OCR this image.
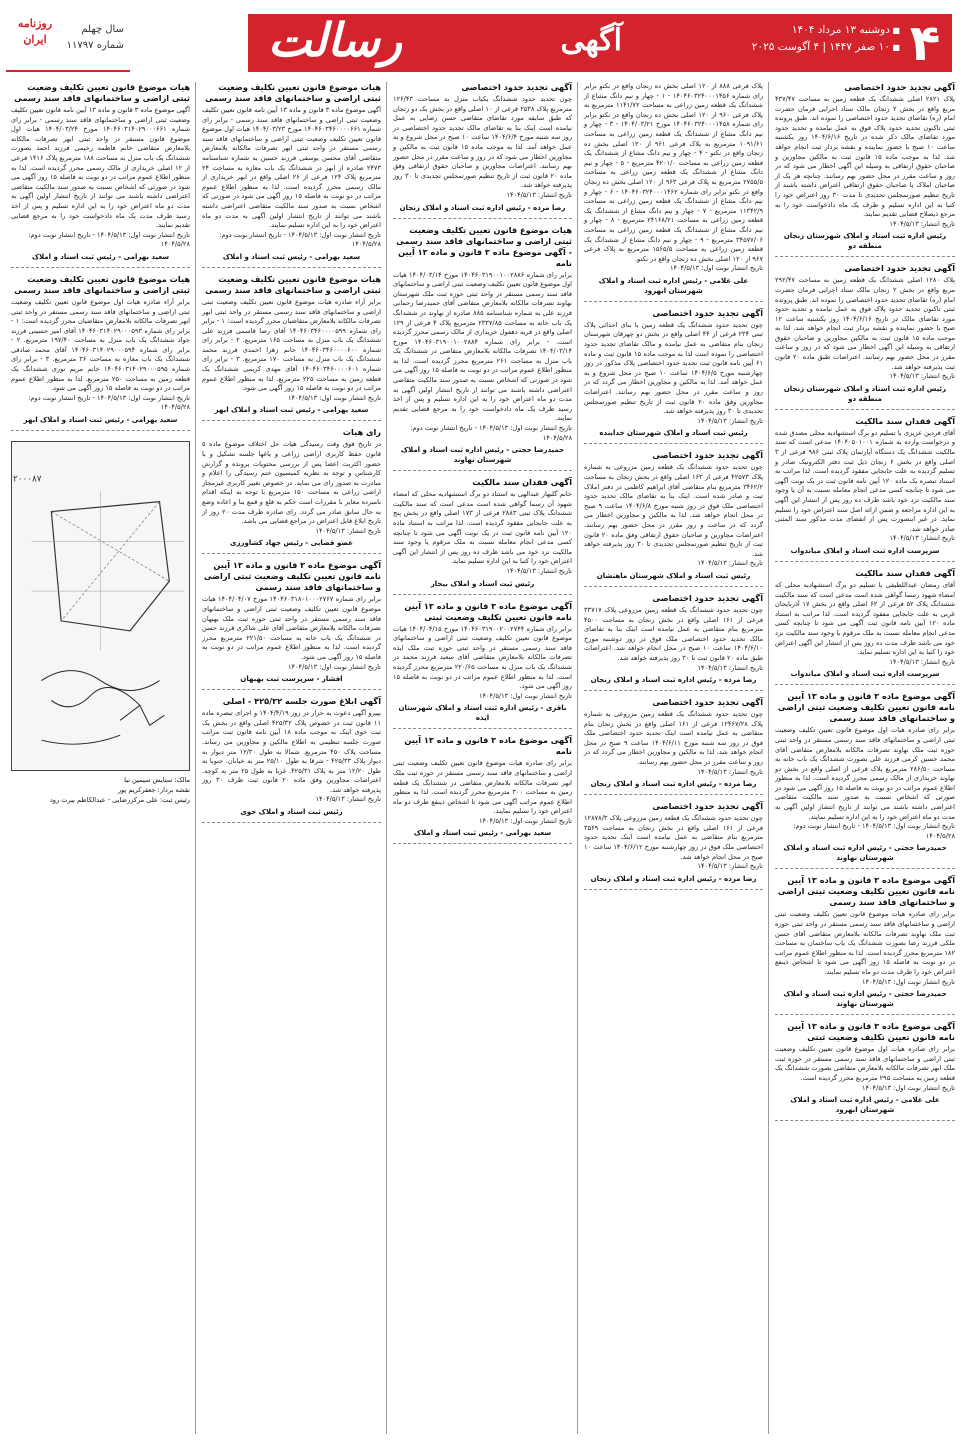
۴
■ دوشنبه ۱۳ مرداد ۱۴۰۴
■ ۱۰ صفر ۱۴۴۷ | ۴ آگوست ۲۰۲۵
آگهی
رسالت
روزنامه
ایران
سال چهلم
شماره ۱۱۷۹۷
آگهی تجدید حدود اختصاصی

پلاک ۲۸۲۱ اصلی ششدانگ یک قطعه زمین به مساحت ۴۳۷/۴۷ مربع واقع در بخش ۲ زنجان مالک ستاد اجرایی فرمان حضرت امام (ره) تقاضای تجدید حدود اختصاصی را نموده اند. طبق پرونده ثبتی تاکنون تحدید حدود پلاک فوق به عمل نیامده و تحدید حدود مورد تقاضای مالک ذکر شده در تاریخ ۱۴۰۴/۶/۱۶ روز یکشنبه ساعت ۱۰ صبح با حضور نماینده و نقشه بردار ثبت انجام خواهد شد. لذا به موجب ماده ۱۵ قانون ثبت به مالکین مجاورین و صاحبان حقوق ارتفاقی به وسیله این آگهی اخطار می شود که در روز و ساعت مقرر در محل حضور بهم رسانند. چنانچه هر یک از صاحبان املاک یا صاحبان حقوق ارتفاقی اعتراض داشته باشند از تاریخ تنظیم صورتمجلس تحدیدی تا مدت ۳۰ روز اعتراض خود را کتبا به این اداره تسلیم و ظرف یک ماه دادخواست خود را به مرجع ذیصلاح قضایی تقدیم نمایند.

تاریخ انتشار: ۱۴۰۴/۵/۱۳
رئیس اداره ثبت اسناد و املاک شهرستان زنجان منطقه دو
آگهی تجدید حدود اختصاصی

پلاک ۱۲۸۰ اصلی ششدانگ یک قطعه زمین به مساحت ۲۹۲/۴۷ مربع واقع در بخش ۲ زنجان مالک ستاد اجرایی فرمان حضرت امام (ره) تقاضای تجدید حدود اختصاصی را نموده اند. طبق پرونده ثبتی تاکنون تحدید حدود پلاک فوق به عمل نیامده و تحدید حدود مورد تقاضای مالک در تاریخ ۱۴۰۴/۶/۱۶ روز یکشنبه ساعت ۱۲ صبح با حضور نماینده و نقشه بردار ثبت انجام خواهد شد. لذا به موجب ماده ۱۵ قانون ثبت به مالکین مجاورین و صاحبان حقوق ارتفاقی به وسیله این آگهی اخطار می شود که در روز و ساعت مقرر در محل حضور بهم رسانند. اعتراضات طبق ماده ۲۰ قانون ثبت پذیرفته خواهد شد.

تاریخ انتشار: ۱۴۰۴/۵/۱۳
رئیس اداره ثبت اسناد و املاک شهرستان زنجان منطقه دو
آگهی فقدان سند مالکیت

آقای فردین عزیزی با تسلیم دو برگ استشهادیه محلی مصدق شده و درخواست وارده به شماره ۱۴۰۴۰۵۰۱۰۰۱ مدعی است که سند مالکیت ششدانگ یک دستگاه آپارتمان پلاک ثبتی ۹۸۶ فرعی از ۳ اصلی واقع در بخش ۶ زنجان ذیل ثبت دفتر الکترونیک صادر و تسلیم گردیده به علت جابجایی مفقود گردیده است. لذا مراتب به استناد تبصره یک ماده ۱۲۰ آیین نامه قانون ثبت در یک نوبت آگهی می شود تا چنانچه کسی مدعی انجام معامله نسبت به آن یا وجود سند مالکیت نزد خود باشد ظرف ده روز پس از انتشار این آگهی به این اداره مراجعه و ضمن ارائه اصل سند اعتراض خود را تسلیم نماید. در غیر اینصورت پس از انقضای مدت مذکور سند المثنی صادر خواهد شد.

تاریخ انتشار: ۱۴۰۴/۵/۱۳
سرپرست اداره ثبت اسناد و املاک میاندواب
آگهی فقدان سند مالکیت

آقای رمضان عبداللطیفی با تسلیم دو برگ استشهادیه محلی که امضاء شهود رسما گواهی شده است مدعی است که سند مالکیت ششدانگ پلاک ۵۲ فرعی از ۶۲ اصلی واقع در بخش ۱۷ آذربایجان غربی به علت جابجایی مفقود گردیده است. لذا مراتب به استناد ماده ۱۲۰ آیین نامه قانون ثبت آگهی می شود تا چنانچه کسی مدعی انجام معامله نسبت به ملک مرقوم یا وجود سند مالکیت نزد خود می باشد ظرف مدت ده روز پس از انتشار این آگهی اعتراض خود را کتبا به این اداره تسلیم نماید.

تاریخ انتشار: ۱۴۰۴/۵/۱۳
سرپرست اداره ثبت اسناد و املاک میاندواب
آگهی موضوع ماده ۳ قانون و ماده ۱۳ آیین نامه قانون تعیین تکلیف وضعیت ثبتی اراضی و ساختمانهای فاقد سند رسمی

برابر رای صادره هیات اول موضوع قانون تعیین تکلیف وضعیت ثبتی اراضی و ساختمانهای فاقد سند رسمی مستقر در واحد ثبتی حوزه ثبت ملک نهاوند تصرفات مالکانه بلامعارض متقاضی آقای محمد حسین کرمی فرزند علی بصورت ششدانگ یک باب خانه به مساحت ۲۸۶/۵۰ مترمربع پلاک فرعی از اصلی واقع در بخش دو نهاوند خریداری از مالک رسمی محرز گردیده است. لذا به منظور اطلاع عموم مراتب در دو نوبت به فاصله ۱۵ روز آگهی می شود در صورتی که اشخاص نسبت به صدور سند مالکیت متقاضی اعتراضی داشته باشند می توانند از تاریخ انتشار اولین آگهی به مدت دو ماه اعتراض خود را به این اداره تسلیم نمایند.

تاریخ انتشار نوبت اول: ۱۴۰۴/۵/۱۳ - تاریخ انتشار نوبت دوم: ۱۴۰۴/۵/۲۸
حمیدرضا حجتی - رئیس اداره ثبت اسناد و املاک شهرستان نهاوند
آگهی موضوع ماده ۳ قانون و ماده ۱۳ آیین نامه قانون تعیین تکلیف وضعیت ثبتی اراضی و ساختمانهای فاقد سند رسمی

برابر رای صادره هیات موضوع قانون تعیین تکلیف وضعیت ثبتی اراضی و ساختمانهای فاقد سند رسمی مستقر در واحد ثبتی حوزه ثبت ملک نهاوند تصرفات مالکانه بلامعارض متقاضی آقای حسن ملکی فرزند رضا بصورت ششدانگ یک باب ساختمان به مساحت ۱۸۲ مترمربع محرز گردیده است. لذا به منظور اطلاع عموم مراتب در دو نوبت به فاصله ۱۵ روز آگهی می شود تا اشخاص ذینفع اعتراض خود را ظرف مدت دو ماه تسلیم نمایند.

تاریخ انتشار نوبت اول: ۱۴۰۴/۵/۱۳
حمیدرضا حجتی - رئیس اداره ثبت اسناد و املاک شهرستان نهاوند
آگهی موضوع ماده ۳ قانون و ماده ۱۳ آیین نامه قانون تعیین تکلیف وضعیت ثبتی

برابر رای صادره هیات اول موضوع قانون تعیین تکلیف وضعیت ثبتی اراضی و ساختمانهای فاقد سند رسمی مستقر در حوزه ثبت ملک ابهر تصرفات مالکانه بلامعارض متقاضی بصورت ششدانگ یک قطعه زمین به مساحت ۲۹۵ مترمربع محرز گردیده است.

تاریخ انتشار نوبت اول: ۱۴۰۴/۵/۱۳
علی غلامی - رئیس اداره ثبت اسناد و املاک شهرستان ابهرود

پلاک فرعی ۸۸۸ از ۱۲۰ اصلی بخش ده زنجان واقع در نکتو برابر رای شماره ۱۴۰۴۶۰۳۲۴۰۰۰۱۴۵۶ - ۱ - چهار و نیم دانگ مشاع از ششدانگ یک قطعه زمین زراعی به مساحت ۱۱۴۱/۷۲ مترمربع به پلاک فرعی ۹۶۰ از ۱۲۰ اصلی بخش ده زنجان واقع در نکتو برابر رای شماره ۱۴۰۴۶۰۳۲۴۰۰۰۱۴۵۸ مورخ ۱۴۰۴/۰۳/۲۱ - ۳ - چهار و نیم دانگ مشاع از ششدانگ یک قطعه زمین زراعی به مساحت ۱۰۹۱/۶۱ مترمربع به پلاک فرعی ۹۶۱ از ۱۲۰ اصلی بخش ده زنجان واقع در نکتو - ۴ - چهار و نیم دانگ مشاع از ششدانگ یک قطعه زمین زراعی به مساحت ۴۲۰۱/۰ مترمربع - ۵ - چهار و نیم دانگ مشاع از ششدانگ یک قطعه زمین زراعی به مساحت ۲۷۵۵/۵ مترمربع به پلاک فرعی ۹۶۳ از ۱۲۰ اصلی بخش ده زنجان واقع در نکتو برابر رای شماره ۱۴۰۴۶۰۳۲۴۰۰۰۱۴۶۲ - ۶ - چهار و نیم دانگ مشاع از ششدانگ یک قطعه زمین زراعی به مساحت ۱۱۳۴۲/۹ مترمربع - ۷ - چهار و نیم دانگ مشاع از ششدانگ یک قطعه زمین زراعی به مساحت ۲۴۱۶۸/۲۱ مترمربع - ۸ - چهار و نیم دانگ مشاع از ششدانگ یک قطعه زمین زراعی به مساحت ۳۴۵۷۷/۰۶ مترمربع - ۹ - چهار و نیم دانگ مشاع از ششدانگ یک قطعه زمین زراعی به مساحت ۱۵۶۵/۵ مترمربع به پلاک فرعی ۹۶۷ از ۱۲۰ اصلی بخش ده زنجان واقع در نکتو.

تاریخ انتشار نوبت اول: ۱۴۰۴/۵/۱۳
علی غلامی - رئیس اداره ثبت اسناد و املاک شهرستان ابهرود
آگهی تجدید حدود اختصاصی

چون تحدید حدود ششدانگ یک قطعه زمین با بنای احداثی پلاک ثبتی ۲۳۴ فرعی از ۴۴ اصلی واقع در بخش دو چهرقان شهرستان زنجان بنام متقاضی به عمل نیامده و مالک تقاضای تجدید حدود اختصاصی را نموده است لذا به موجب ماده ۱۵ قانون ثبت و ماده ۶۱ آیین نامه قانون ثبت تحدید حدود اختصاصی پلاک مذکور در روز چهارشنبه مورخ ۱۴۰۴/۶/۵ ساعت ۱۰ صبح در محل شروع و به عمل خواهد آمد. لذا به مالکین و مجاورین اخطار می گردد که در روز و ساعت مقرر در محل حضور بهم رسانند. اعتراضات مجاورین وفق ماده ۲۰ قانون ثبت از تاریخ تنظیم صورتمجلس تحدیدی تا ۳۰ روز پذیرفته خواهد شد.

تاریخ انتشار: ۱۴۰۴/۵/۱۳
رئیس ثبت اسناد و املاک شهرستان خدابنده
آگهی تجدید حدود اختصاصی

چون تحدید حدود ششدانگ یک قطعه زمین مزروعی به شماره پلاک ۴۲۵۷۳ فرعی از ۱۶۳ اصلی واقع در بخش زنجان به مساحت ۳۴۶۲/۲ مترمربع بنام متقاضی آقای ابراهیم کاظمی در دفتر املاک ثبت و صادر شده است. اینک بنا به تقاضای مالک تحدید حدود اختصاصی ملک فوق در روز شنبه مورخ ۱۴۰۴/۶/۸ ساعت ۹ صبح در محل انجام خواهد شد. لذا به مالکین و مجاورین اخطار می گردد که در ساعت و روز مقرر در محل حضور بهم رسانند. اعتراضات مجاورین و صاحبان حقوق ارتفاقی وفق ماده ۲۰ قانون ثبت از تاریخ تنظیم صورتمجلس تحدیدی تا ۳۰ روز پذیرفته خواهد شد.

تاریخ انتشار: ۱۴۰۴/۵/۱۳
رئیس ثبت اسناد و املاک شهرستان ماهنشان
آگهی تجدید حدود اختصاصی

چون تحدید حدود ششدانگ یک قطعه زمین مزروعی پلاک ۳۳۷۱۷ فرعی از ۱۶۱ اصلی واقع در بخش زنجان به مساحت ۴۵۰۰ مترمربع بنام متقاضی به عمل نیامده است اینک بنا به تقاضای مالک تحدید حدود اختصاصی ملک فوق در روز دوشنبه مورخ ۱۴۰۴/۶/۱۰ ساعت ۱۰ صبح در محل انجام خواهد شد. اعتراضات طبق ماده ۲۰ قانون ثبت تا ۳۰ روز پذیرفته خواهد شد.

تاریخ انتشار: ۱۴۰۴/۵/۱۳
رضا مرده - رئیس اداره ثبت اسناد و املاک زنجان
آگهی تجدید حدود اختصاصی

چون تحدید حدود ششدانگ یک قطعه زمین مزروعی به شماره پلاک ۱۲۴۶۷/۲۸ فرعی از ۱۶۱ اصلی واقع در بخش زنجان بنام متقاضی به عمل نیامده است اینک تحدید حدود اختصاصی ملک فوق در روز سه شنبه مورخ ۱۴۰۴/۶/۱۱ ساعت ۹ صبح در محل انجام خواهد شد. لذا به مالکین و مجاورین اخطار می گردد که در روز و ساعت مقرر در محل حضور بهم رسانند.

تاریخ انتشار: ۱۴۰۴/۵/۱۳
رضا مرده - رئیس اداره ثبت اسناد و املاک زنجان
آگهی تجدید حدود اختصاصی

چون تحدید حدود ششدانگ یک قطعه زمین مزروعی پلاک ۱۲۸۷۸/۳ فرعی از ۱۶۱ اصلی واقع در بخش زنجان به مساحت ۳۵۶۹ مترمربع بنام متقاضی به عمل نیامده است اینک تحدید حدود اختصاصی ملک فوق در روز چهارشنبه مورخ ۱۴۰۴/۶/۱۲ ساعت ۱۰ صبح در محل انجام خواهد شد.

تاریخ انتشار: ۱۴۰۴/۵/۱۳
رضا مرده - رئیس اداره ثبت اسناد و املاک زنجان
آگهی تجدید حدود اختصاصی

چون تحدید حدود ششدانگ یکباب منزل به مساحت ۱۲۶/۴۳ مترمربع پلاک ۲۵۳۸ فرعی از ۱۰ اصلی واقع در بخش یک دو زنجان که طبق سابقه مورد تقاضای متقاضی حسن رضایی به عمل نیامده است اینک بنا به تقاضای مالک تجدید حدود اختصاصی در روز سه شنبه مورخ ۱۴۰۴/۶/۴ ساعت ۱۰ صبح در محل شروع و به عمل خواهد آمد. لذا به موجب ماده ۱۵ قانون ثبت به مالکین و مجاورین اخطار می شود که در روز و ساعت مقرر در محل حضور بهم رسانند. اعتراضات مجاورین و صاحبان حقوق ارتفاقی وفق ماده ۲۰ قانون ثبت از تاریخ تنظیم صورتمجلس تحدیدی تا ۳۰ روز پذیرفته خواهد شد.

تاریخ انتشار: ۱۴۰۴/۵/۱۳
رضا مرده - رئیس اداره ثبت اسناد و املاک زنجان
هیات موضوع قانون تعیین تکلیف وضعیت ثبتی اراضی و ساختمانهای فاقد سند رسمی - آگهی موضوع ماده ۳ قانون و ماده ۱۳ آیین نامه

برابر رای شماره ۱۴۰۴۶۰۳۱۹۰۰۱۰۰۲۸۸۶ مورخ ۱۴۰۴/۰۳/۱۴ هیات اول موضوع قانون تعیین تکلیف وضعیت ثبتی اراضی و ساختمانهای فاقد سند رسمی مستقر در واحد ثبتی حوزه ثبت ملک شهرستان نهاوند تصرفات مالکانه بلامعارض متقاضی آقای حمیدرضا رحمانی فرزند علی به شماره شناسنامه ۸۸۵ صادره از نهاوند در ششدانگ یک باب خانه به مساحت ۲۳۳۷/۸۵ مترمربع پلاک ۴ فرعی از ۱۲۹ اصلی واقع در قریه دهفول خریداری از مالک رسمی محرز گردیده است. - برابر رای شماره ۱۴۰۴۶۰۳۱۹۰۰۱۰۰۲۸۸۴ مورخ ۱۴۰۴/۰۳/۱۴ تصرفات مالکانه بلامعارض متقاضی در ششدانگ یک باب منزل به مساحت ۲۶۱ مترمربع محرز گردیده است. لذا به منظور اطلاع عموم مراتب در دو نوبت به فاصله ۱۵ روز آگهی می شود در صورتی که اشخاص نسبت به صدور سند مالکیت متقاضی اعتراضی داشته باشند می توانند از تاریخ انتشار اولین آگهی به مدت دو ماه اعتراض خود را به این اداره تسلیم و پس از اخذ رسید ظرف یک ماه دادخواست خود را به مرجع قضایی تقدیم نمایند.

تاریخ انتشار نوبت اول: ۱۴۰۴/۵/۱۳ - تاریخ انتشار نوبت دوم: ۱۴۰۴/۵/۲۸
حمیدرضا حجتی - رئیس اداره ثبت اسناد و املاک شهرستان نهاوند
آگهی فقدان سند مالکیت

خانم گلبهار عبدالهی به استناد دو برگ استشهادیه محلی که امضاء شهود آن رسما گواهی شده است مدعی است که سند مالکیت ششدانگ پلاک ثبتی ۲۸۸۳ فرعی از ۱۷۳ اصلی واقع در بخش پنج به علت جابجایی مفقود گردیده است. لذا مراتب به استناد ماده ۱۲۰ آیین نامه قانون ثبت در یک نوبت آگهی می شود تا چنانچه کسی مدعی انجام معامله نسبت به ملک مرقوم یا وجود سند مالکیت نزد خود می باشد ظرف ده روز پس از انتشار این آگهی اعتراض خود را کتبا به این اداره تسلیم نماید.

تاریخ انتشار: ۱۴۰۴/۵/۱۳
رئیس ثبت اسناد و املاک بیجار
آگهی موضوع ماده ۳ قانون و ماده ۱۳ آیین نامه قانون تعیین تکلیف وضعیت ثبتی

برابر رای شماره ۱۴۰۴۶۰۳۱۹۰۰۲۰۰۲۷۴۴ مورخ ۱۴۰۴/۰۴/۱۵ هیات موضوع قانون تعیین تکلیف وضعیت ثبتی اراضی و ساختمانهای فاقد سند رسمی مستقر در واحد ثبتی حوزه ثبت ملک ایذه تصرفات مالکانه بلامعارض متقاضی آقای سعید فرزند محمد در ششدانگ یک باب منزل به مساحت ۲۲۰/۶۵ مترمربع محرز گردیده است. لذا به منظور اطلاع عموم مراتب در دو نوبت به فاصله ۱۵ روز آگهی می شود.

تاریخ انتشار نوبت اول: ۱۴۰۴/۵/۱۳
باقری - رئیس اداره ثبت اسناد و املاک شهرستان ایذه
آگهی موضوع ماده ۳ قانون و ماده ۱۳ آیین نامه

برابر رای صادره هیات موضوع قانون تعیین تکلیف وضعیت ثبتی اراضی و ساختمانهای فاقد سند رسمی مستقر در حوزه ثبت ملک ابهر تصرفات مالکانه بلامعارض متقاضی در ششدانگ یک قطعه زمین به مساحت ۳۰۰ مترمربع محرز گردیده است. لذا به منظور اطلاع عموم مراتب آگهی می شود تا اشخاص ذینفع ظرف دو ماه اعتراض خود را تسلیم نمایند.

تاریخ انتشار نوبت اول: ۱۴۰۴/۵/۱۳
سعید بهرامی - رئیس ثبت اسناد و املاک
هیات موضوع قانون تعیین تکلیف وضعیت ثبتی اراضی و ساختمانهای فاقد سند رسمی

آگهی موضوع ماده ۳ قانون و ماده ۱۳ آیین نامه قانون تعیین تکلیف وضعیت ثبتی اراضی و ساختمانهای فاقد سند رسمی - برابر رای شماره ۱۴۰۴۶۰۳۴۶۰۰۰۰۶۶۱ مورخ ۱۴۰۴/۰۳/۲۳ هیات اول موضوع قانون تعیین تکلیف وضعیت ثبتی اراضی و ساختمانهای فاقد سند رسمی مستقر در واحد ثبتی ابهر تصرفات مالکانه بلامعارض متقاضی آقای محسن یوسفی فرزند حسین به شماره شناسنامه ۲۴۷۳ صادره از ابهر در ششدانگ یک باب مغازه به مساحت ۲۴ مترمربع پلاک ۱۲۴ فرعی از ۲۶ اصلی واقع در ابهر خریداری از مالک رسمی محرز گردیده است. لذا به منظور اطلاع عموم مراتب در دو نوبت به فاصله ۱۵ روز آگهی می شود در صورتی که اشخاص نسبت به صدور سند مالکیت متقاضی اعتراضی داشته باشند می توانند از تاریخ انتشار اولین آگهی به مدت دو ماه اعتراض خود را به این اداره تسلیم نمایند.

تاریخ انتشار نوبت اول: ۱۴۰۴/۵/۱۳ - تاریخ انتشار نوبت دوم: ۱۴۰۴/۵/۲۸
سعید بهرامی - رئیس ثبت اسناد و املاک
هیات موضوع قانون تعیین تکلیف وضعیت ثبتی اراضی و ساختمانهای فاقد سند رسمی

برابر آراء صادره هیات موضوع قانون تعیین تکلیف وضعیت ثبتی اراضی و ساختمانهای فاقد سند رسمی مستقر در واحد ثبتی ابهر تصرفات مالکانه بلامعارض متقاضیان محرز گردیده است: ۱ - برابر رای شماره ۱۴۰۴۶۰۳۴۶۰۰۰۰۵۹۹ آقای رضا قاسمی فرزند علی ششدانگ یک باب منزل به مساحت ۱۶۵ مترمربع. ۲ - برابر رای شماره ۱۴۰۴۶۰۳۴۶۰۰۰۰۶۰۰ خانم زهرا احمدی فرزند محمد ششدانگ یک باب منزل به مساحت ۱۷۰ مترمربع. ۳ - برابر رای شماره ۱۴۰۴۶۰۳۴۶۰۰۰۰۶۰۱ آقای مهدی کریمی ششدانگ یک قطعه زمین به مساحت ۲۲۵ مترمربع. لذا به منظور اطلاع عموم مراتب در دو نوبت به فاصله ۱۵ روز آگهی می شود.

تاریخ انتشار نوبت اول: ۱۴۰۴/۵/۱۳
سعید بهرامی - رئیس ثبت اسناد و املاک ابهر
رای هیات

در تاریخ فوق وقت رسیدگی هیات حل اختلاف موضوع ماده ۵ قانون حفظ کاربری اراضی زراعی و باغها جلسه تشکیل و با حضور اکثریت اعضا پس از بررسی محتویات پرونده و گزارش کارشناس و توجه به نظریه کمیسیون ختم رسیدگی را اعلام و مبادرت به صدور رای می نماید. در خصوص تغییر کاربری غیرمجاز اراضی زراعی به مساحت ۱۵۰ مترمربع با توجه به اینکه اقدام نامبرده مغایر با مقررات است حکم به قلع و قمع بنا و اعاده وضع به حال سابق صادر می گردد. رای صادره ظرف مدت ۲۰ روز از تاریخ ابلاغ قابل اعتراض در مراجع قضایی می باشد.

تاریخ انتشار: ۱۴۰۴/۵/۱۳
عضو قضایی - رئیس جهاد کشاورزی
آگهی موضوع ماده ۳ قانون و ماده ۱۳ آیین نامه قانون تعیین تکلیف وضعیت ثبتی اراضی و ساختمانهای فاقد سند رسمی

برابر رای شماره ۱۴۰۴۶۰۳۱۸۰۱۰۰۰۲۷۶۷ مورخ ۱۴۰۴/۰۴/۰۷ هیات موضوع قانون تعیین تکلیف وضعیت ثبتی اراضی و ساختمانهای فاقد سند رسمی مستقر در واحد ثبتی حوزه ثبت ملک بهبهان تصرفات مالکانه بلامعارض متقاضی آقای علی شاکری فرزند حسن در ششدانگ یک باب خانه به مساحت ۲۲۱/۵۰ مترمربع محرز گردیده است. لذا به منظور اطلاع عموم مراتب در دو نوبت به فاصله ۱۵ روز آگهی می شود.

تاریخ انتشار نوبت اول: ۱۴۰۴/۵/۱۳
افشار - سرپرست ثبت بهبهان
آگهی ابلاغ صورت جلسه ۴۲۵/۳۲ - اصلی

بپیرو آگهی دعوت به حزار در روز ۱۴۰۴/۴/۱۹ و اجرای تبصره ماده ۱۱ قانون ثبت در خصوص پلاک ۴۲۵/۳۲ اصلی واقع در بخش یک ثبت خوی اینک به موجب ماده ۱۸ آیین نامه قانون ثبت مراتب صورت جلسه تنظیمی به اطلاع مالکین و مجاورین می رساند. مساحت پلاک ۴۵۰ مترمربع. شمالا به طول ۱۲/۳۰ متر دیوار به دیوار پلاک ۴۲۵/۳۳ - شرقا به طول ۲۵/۱۰ متر به خیابان. جنوبا به طول ۱۲/۲۰ متر به پلاک ۴۲۵/۳۱. غربا به طول ۲۵ متر به کوچه. اعتراضات مجاورین وفق ماده ۲۰ قانون ثبت ظرف ۳۰ روز پذیرفته خواهد شد.

تاریخ انتشار: ۱۴۰۴/۵/۱۳
رئیس ثبت اسناد و املاک خوی
هیات موضوع قانون تعیین تکلیف وضعیت ثبتی اراضی و ساختمانهای فاقد سند رسمی

آگهی موضوع ماده ۳ قانون و ماده ۱۳ آیین نامه قانون تعیین تکلیف وضعیت ثبتی اراضی و ساختمانهای فاقد سند رسمی - برابر رای شماره ۱۴۰۴۶۰۳۱۴۰۲۹۰۰۰۶۶۱ مورخ ۱۴۰۴/۰۳/۲۴ هیات اول موضوع قانون مستقر در واحد ثبتی ابهر تصرفات مالکانه بلامعارض متقاضی خانم فاطمه رحیمی فرزند احمد بصورت ششدانگ یک باب منزل به مساحت ۱۸۸ مترمربع پلاک ۱۴۱۶ فرعی از ۱۲ اصلی خریداری از مالک رسمی محرز گردیده است. لذا به منظور اطلاع عموم مراتب در دو نوبت به فاصله ۱۵ روز آگهی می شود در صورتی که اشخاص نسبت به صدور سند مالکیت متقاضی اعتراضی داشته باشند می توانند از تاریخ انتشار اولین آگهی به مدت دو ماه اعتراض خود را به این اداره تسلیم و پس از اخذ رسید ظرف مدت یک ماه دادخواست خود را به مرجع قضایی تقدیم نمایند.

تاریخ انتشار نوبت اول: ۱۴۰۴/۵/۱۳ - تاریخ انتشار نوبت دوم: ۱۴۰۴/۵/۲۸
سعید بهرامی - رئیس ثبت اسناد و املاک
هیات موضوع قانون تعیین تکلیف وضعیت ثبتی اراضی و ساختمانهای فاقد سند رسمی

برابر آراء صادره هیات اول موضوع قانون تعیین تکلیف وضعیت ثبتی اراضی و ساختمانهای فاقد سند رسمی مستقر در واحد ثبتی ابهر تصرفات مالکانه بلامعارض متقاضیان محرز گردیده است: ۱ - برابر رای شماره ۱۴۰۴۶۰۳۱۴۰۲۹۰۰۰۵۹۳ آقای امیر حسینی فرزند جواد ششدانگ یک باب منزل به مساحت ۱۹۷/۴۰ مترمربع. ۲ - برابر رای شماره ۱۴۰۴۶۰۳۱۴۰۲۹۰۰۰۵۹۴ آقای محمد صادقی ششدانگ یک باب مغازه به مساحت ۳۶ مترمربع. ۳ - برابر رای شماره ۱۴۰۴۶۰۳۱۴۰۲۹۰۰۰۵۹۵ خانم مریم نوری ششدانگ یک قطعه زمین به مساحت ۲۵۰ مترمربع. لذا به منظور اطلاع عموم مراتب در دو نوبت به فاصله ۱۵ روز آگهی می شود.

تاریخ انتشار نوبت اول: ۱۴۰۴/۵/۱۳ - تاریخ انتشار نوبت دوم: ۱۴۰۴/۵/۲۸
سعید بهرامی - رئیس ثبت اسناد و املاک ابهر
۲۰۰۰۸۷
مالک: ستایش سیمین نیا
نقشه بردار: جعفرکریم پور
رئیس ثبت: علی مرکزرضایی - عبدالکاظم بیرت رود
